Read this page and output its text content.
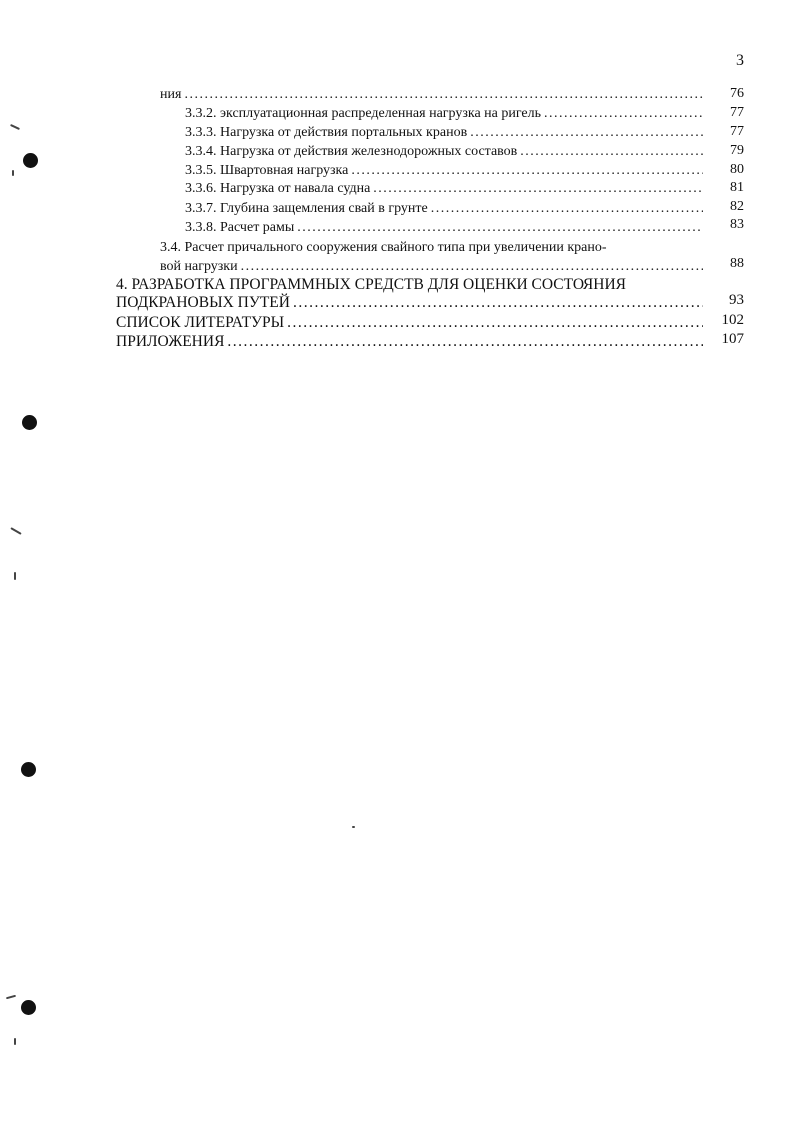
3
ния .....	76
3.3.2. эксплуатационная распределенная нагрузка на ригель .....	77
3.3.3. Нагрузка от действия портальных кранов .....	77
3.3.4. Нагрузка от действия железнодорожных составов .....	79
3.3.5. Швартовная нагрузка .....	80
3.3.6. Нагрузка от навала судна .....	81
3.3.7. Глубина защемления свай в грунте .....	82
3.3.8. Расчет рамы .....	83
3.4. Расчет причального сооружения свайного типа при увеличении крано-
вой нагрузки .....	88
4. РАЗРАБОТКА ПРОГРАММНЫХ СРЕДСТВ ДЛЯ ОЦЕНКИ СОСТОЯНИЯ
ПОДКРАНОВЫХ ПУТЕЙ .....	93
СПИСОК ЛИТЕРАТУРЫ .....	102
ПРИЛОЖЕНИЯ .....	107
